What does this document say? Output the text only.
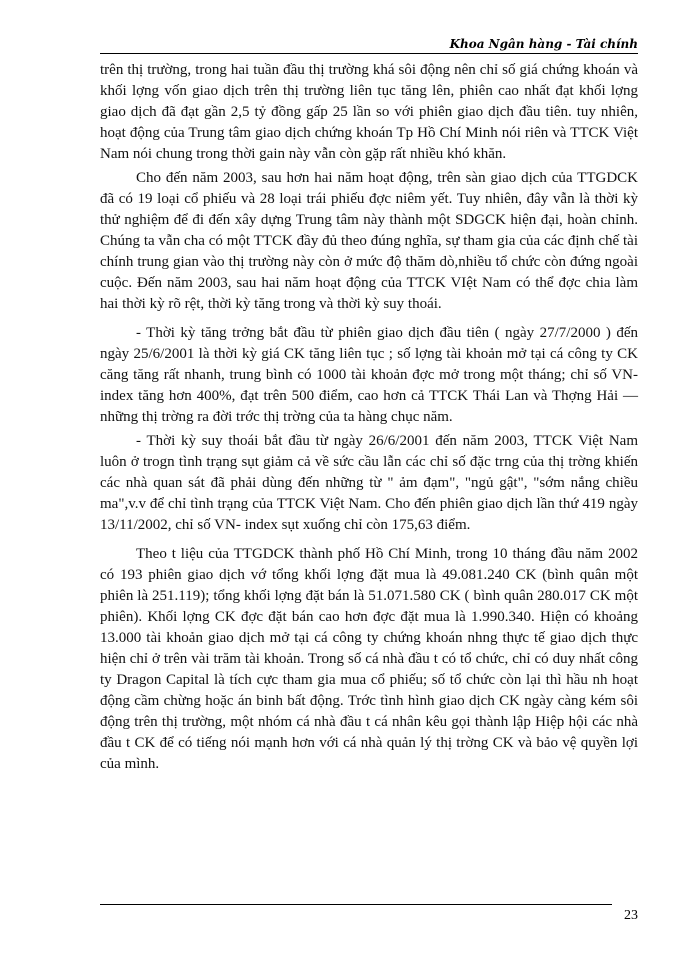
Khoa Ngân hàng - Tài chính

trên thị trường, trong hai tuần đầu thị trường khá sôi động nên chỉ số giá chứng khoán và khối lợng vốn giao dịch trên thị trường liên tục tăng lên, phiên cao nhất đạt khối lợng giao dịch đã đạt gần 2,5 tỷ đồng gấp 25 lần so với phiên giao dịch đầu tiên. tuy nhiên, hoạt động của Trung tâm giao dịch chứng khoán Tp Hồ Chí Minh nói riên và TTCK Việt Nam nói chung trong thời gain này vẫn còn gặp rất nhiều khó khăn.

Cho đến năm 2003, sau hơn hai năm hoạt động, trên sàn giao dịch của TTGDCK đã có 19 loại cổ phiếu và 28 loại trái phiếu đợc niêm yết. Tuy nhiên, đây vẫn là thời kỳ thử nghiệm để đi đến xây dựng Trung tâm này thành một SDGCK hiện đại, hoàn chỉnh. Chúng ta vẫn cha có một TTCK đầy đủ theo đúng nghĩa, sự tham gia của các định chế tài chính trung gian vào thị trường này còn ở mức độ thăm dò,nhiều tổ chức còn đứng ngoài cuộc. Đến năm 2003, sau hai năm hoạt động của TTCK VIệt Nam có thể đợc chia làm hai thời kỳ rõ rệt, thời kỳ tăng trong và thời kỳ suy thoái.

- Thời kỳ tăng trởng bắt đầu từ phiên giao dịch đầu tiên ( ngày 27/7/2000 ) đến ngày 25/6/2001 là thời kỳ giá CK tăng liên tục ; số lợng tài khoản mở tại cá công ty CK căng tăng rất nhanh, trung bình có 1000 tài khoản đợc mở trong một tháng; chỉ số VN- index tăng hơn 400%, đạt trên 500 điểm, cao hơn cả TTCK Thái Lan và Thợng Hải — những thị trờng ra đời trớc thị trờng của ta hàng chục năm.

- Thời kỳ suy thoái bắt đầu từ ngày 26/6/2001 đến năm 2003, TTCK Việt Nam luôn ở trogn tình trạng sụt giảm cả về sức cầu lẫn các chỉ số đặc trng của thị trờng khiến các nhà quan sát đã phải dùng đến những từ " ảm đạm", "ngủ gật", "sớm nắng chiều ma",v.v để chỉ tình trạng của TTCK Việt Nam. Cho đến phiên giao dịch lần thứ 419 ngày 13/11/2002, chỉ số VN- index sụt xuống chỉ còn 175,63 điểm.

Theo t liệu của TTGDCK thành phố Hồ Chí Minh, trong 10 tháng đầu năm 2002 có 193 phiên giao dịch vớ tổng khối lợng đặt mua là 49.081.240 CK (bình quân một phiên là 251.119); tổng khối lợng đặt bán là 51.071.580 CK ( bình quân 280.017 CK một phiên). Khối lợng CK đợc đặt bán cao hơn đợc đặt mua là 1.990.340. Hiện có khoảng 13.000 tài khoản giao dịch mở tại cá công ty chứng khoán nhng thực tế giao dịch thực hiện chỉ ở trên vài trăm tài khoản. Trong số cá nhà đầu t có tổ chức, chỉ có duy nhất công ty Dragon Capital là tích cực tham gia mua cổ phiếu; số tổ chức còn lại thì hầu nh hoạt động cầm chừng hoặc án binh bất động. Trớc tình hình giao dịch CK ngày càng kém sôi động trên thị trường, một nhóm cá nhà đầu t cá nhân kêu gọi thành lập Hiệp hội các nhà đầu t CK để có tiếng nói mạnh hơn với cá nhà quản lý thị trờng CK và bảo vệ quyền lợi của mình.

23
